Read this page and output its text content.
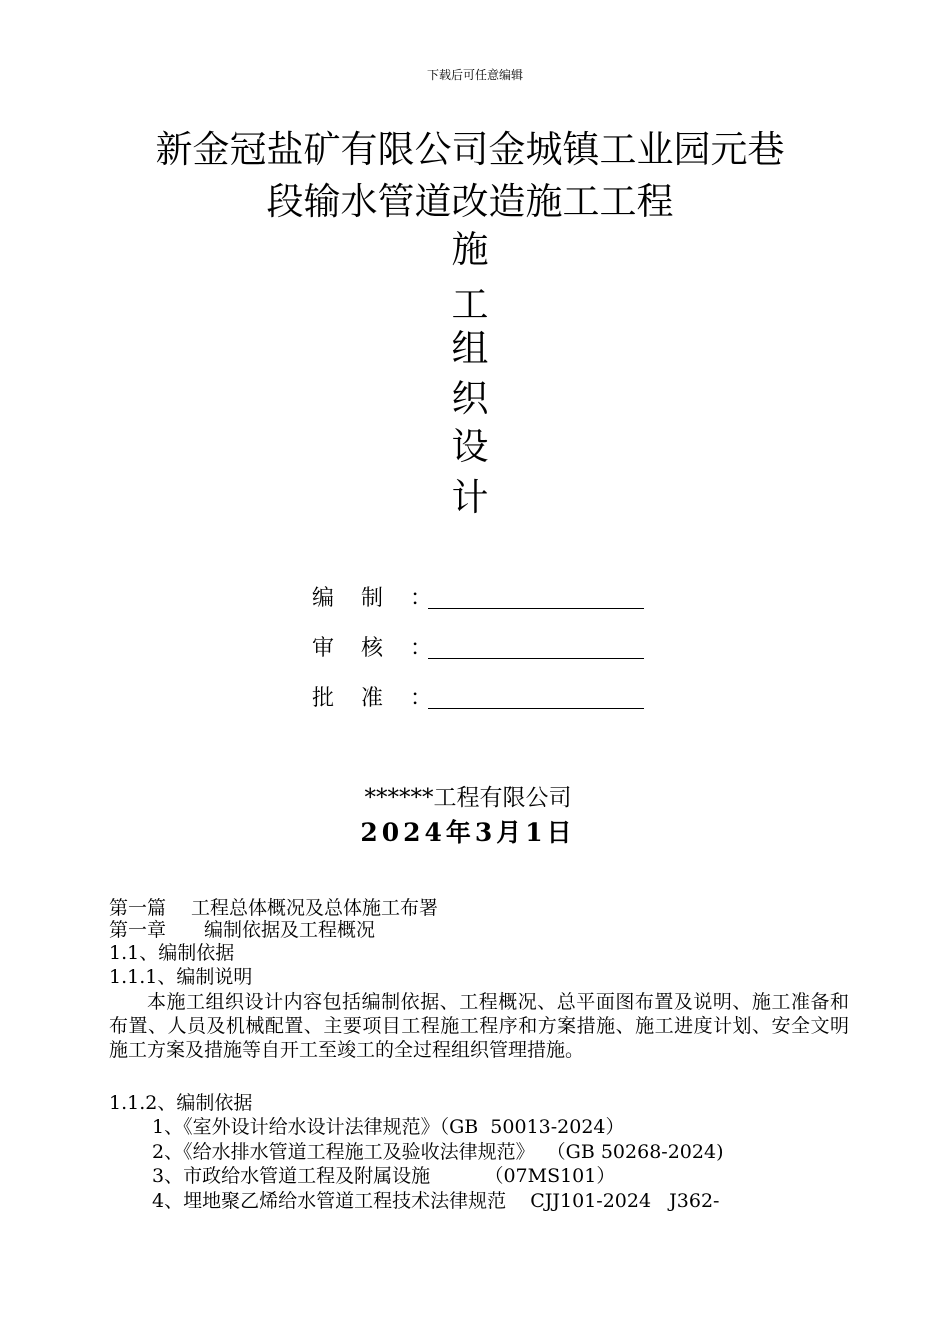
下载后可任意编辑
新金冠盐矿有限公司金城镇工业园元巷
段输水管道改造施工工程
施
工
组
织
设
计
编 制 ：
审 核 ：
批 准 ：
******工程有限公司
2024年3月1日
第一篇　 工程总体概况及总体施工布署
第一章　　编制依据及工程概况
1.1、编制依据
1.1.1、编制说明
本施工组织设计内容包括编制依据、工程概况、总平面图布置及说明、施工准备和布置、人员及机械配置、主要项目工程施工程序和方案措施、施工进度计划、安全文明施工方案及措施等自开工至竣工的全过程组织管理措施。
1.1.2、编制依据
1、《室外设计给水设计法律规范》（GB  50013-2024）
2、《给水排水管道工程施工及验收法律规范》  （GB 50268-2024)
3、市政给水管道工程及附属设施         （07MS101）
4、埋地聚乙烯给水管道工程技术法律规范    CJJ101-2024   J362-
